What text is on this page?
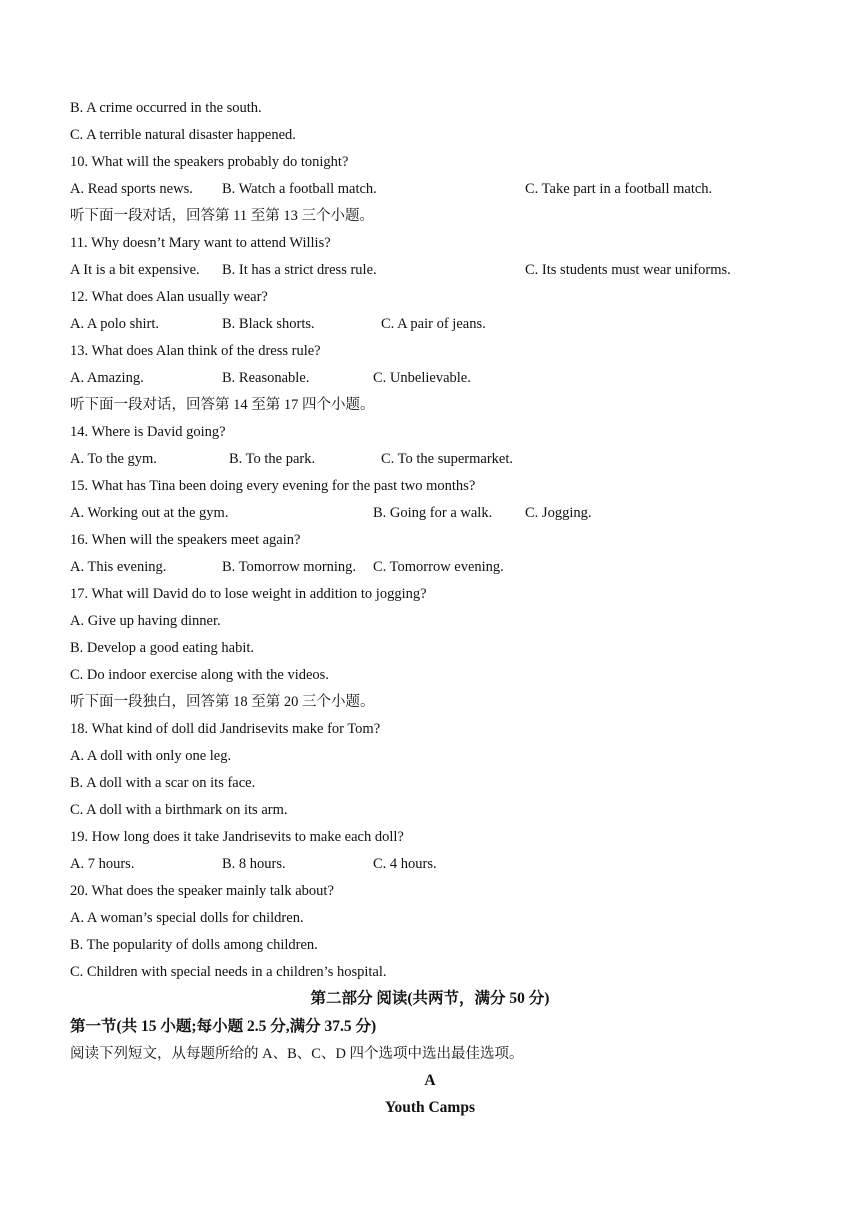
B. A crime occurred in the south.
C. A terrible natural disaster happened.
10. What will the speakers probably do tonight?
A. Read sports news. B. Watch a football match.	C. Take part in a football match.
听下面一段对话，回答第 11 至第 13 三个小题。
11. Why doesn’t Mary want to attend Willis?
A It is a bit expensive. B. It has a strict dress rule.	C. Its students must wear uniforms.
12. What does Alan usually wear?
A. A polo shirt.	B. Black shorts.	C. A pair of jeans.
13. What does Alan think of the dress rule?
A. Amazing.	B. Reasonable.	C. Unbelievable.
听下面一段对话，回答第 14 至第 17 四个小题。
14. Where is David going?
A. To the gym.	B. To the park.	C. To the supermarket.
15. What has Tina been doing every evening for the past two months?
A. Working out at the gym.	B. Going for a walk. C. Jogging.
16. When will the speakers meet again?
A. This evening.	B. Tomorrow morning. C. Tomorrow evening.
17. What will David do to lose weight in addition to jogging?
A. Give up having dinner.
B. Develop a good eating habit.
C. Do indoor exercise along with the videos.
听下面一段独白，回答第 18 至第 20 三个小题。
18. What kind of doll did Jandrisevits make for Tom?
A. A doll with only one leg.
B. A doll with a scar on its face.
C. A doll with a birthmark on its arm.
19. How long does it take Jandrisevits to make each doll?
A. 7 hours.	B. 8 hours.	C. 4 hours.
20. What does the speaker mainly talk about?
A. A woman’s special dolls for children.
B. The popularity of dolls among children.
C. Children with special needs in a children’s hospital.
第二部分 阅读(共两节，满分 50 分)
第一节(共 15 小题;每小题 2.5 分,满分 37.5 分)
阅读下列短文，从每题所给的 A、B、C、D 四个选项中选出最佳选项。
A
Youth Camps
